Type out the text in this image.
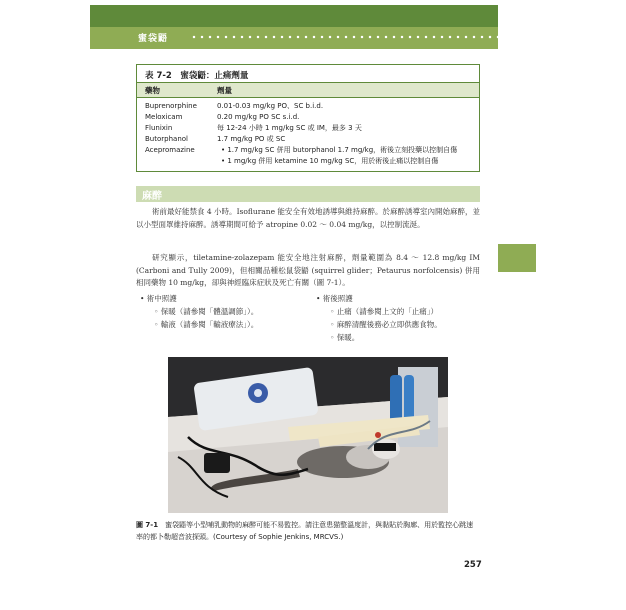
蜜袋鼯	7
表 7-2　蜜袋鼯：止痛劑量
藥物	劑量
Buprenorphine
Meloxicam
Flunixin
Butorphanol
Acepromazine
0.01-0.03 mg/kg PO、SC b.i.d.
0.20 mg/kg PO SC s.i.d.
每 12-24 小時 1 mg/kg SC 或 IM，最多 3 天
1.7 mg/kg PO 或 SC
• 1.7 mg/kg SC 併用 butorphanol 1.7 mg/kg，術後立刻投藥以控制自傷
• 1 mg/kg 併用 ketamine 10 mg/kg SC，用於術後止痛以控制自傷
麻醉

術前最好能禁食 4 小時。Isoflurane 能安全有效地誘導與維持麻醉。於麻醉誘導室內開始麻醉，並以小型面罩維持麻醉。誘導期間可給予 atropine 0.02 ～ 0.04 mg/kg，以控制流涎。

研究顯示，tiletamine-zolazepam 能安全地注射麻醉，劑量範圍為 8.4 ～ 12.8 mg/kg IM (Carboni and Tully 2009)，但相關品種松鼠袋鼯 (squirrel glider；Petaurus norfolcensis) 併用相同藥物 10 mg/kg，卻與神經臨床症狀及死亡有關（圖 7-1）。

• 術中照護
◦ 保暖（請參閱「體溫調節」）。
◦ 輸液（請參閱「輸液療法」）。
• 術後照護
◦ 止痛（請參閱上文的「止痛」）
◦ 麻醉清醒後務必立即供應食物。
◦ 保暖。
圖 7-1　 蜜袋鼯等小型哺乳動物的麻醉可能不易監控。請注意患猫整溫度計，與黏貼於胸廓、用於監控心跳速率的都卜勒超音波探頭。(Courtesy of Sophie Jenkins, MRCVS.)
257
